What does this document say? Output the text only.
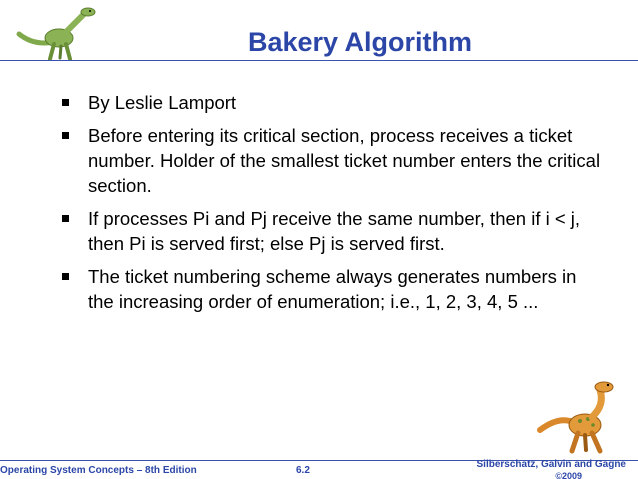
Bakery Algorithm
By Leslie Lamport
Before entering its critical section, process receives a ticket number. Holder of the smallest ticket number enters the critical section.
If processes Pi and Pj receive the same number, then if i < j, then Pi is served first; else Pj is served first.
The ticket numbering scheme always generates numbers in the increasing order of enumeration; i.e., 1, 2, 3, 4, 5 ...
Operating System Concepts – 8th Edition	6.2
Silberschatz, Galvin and Gagne
©2009
